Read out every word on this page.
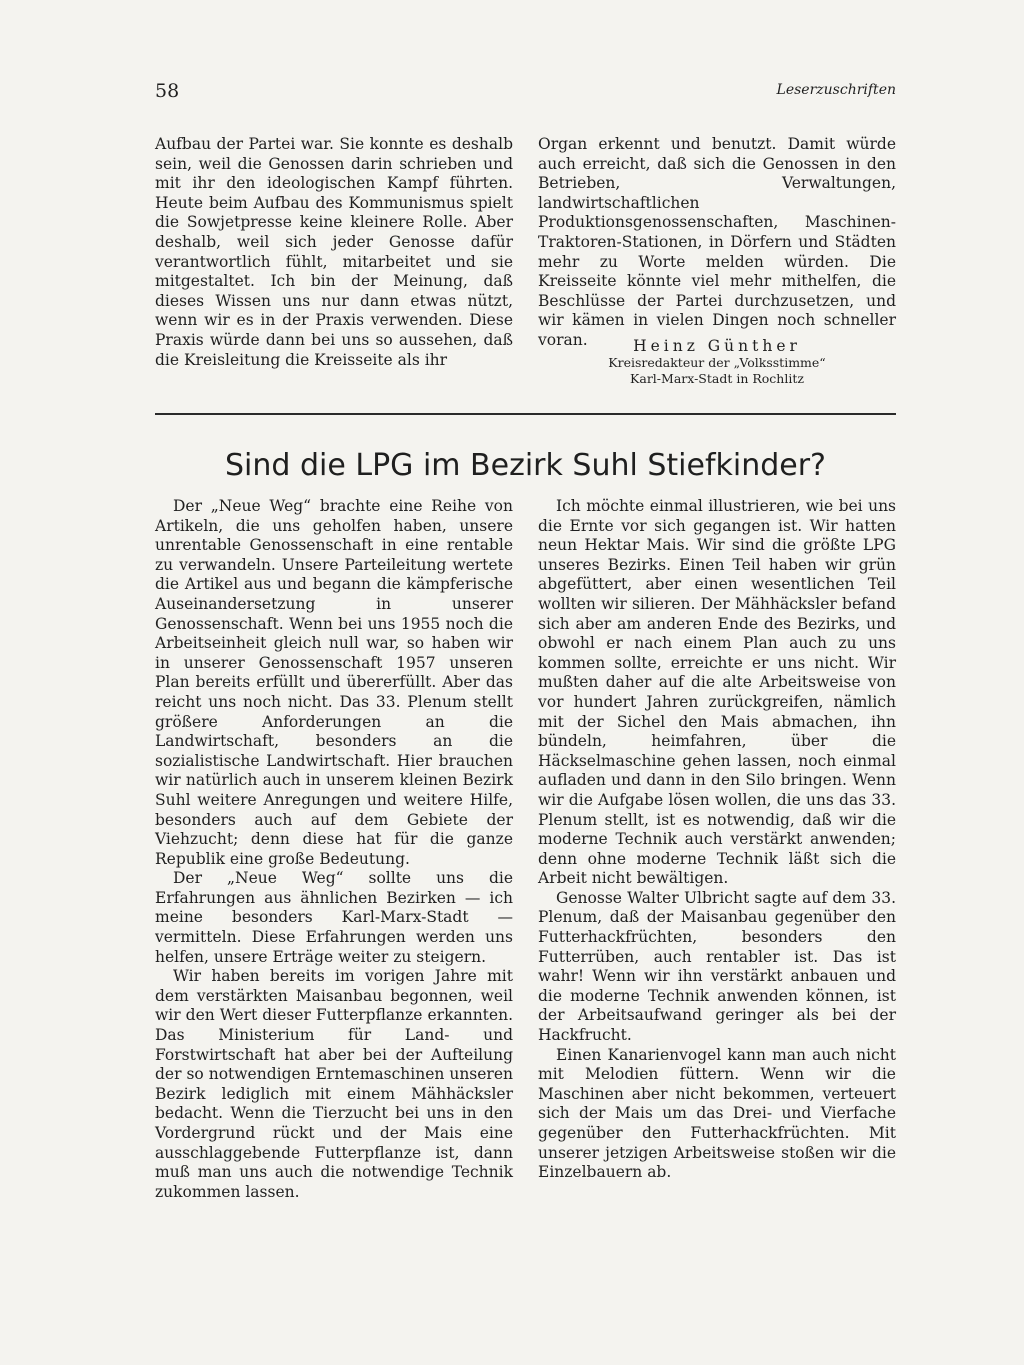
58	Leserzuschriften

Aufbau der Partei war. Sie konnte es deshalb sein, weil die Genossen darin schrieben und mit ihr den ideologischen Kampf führten. Heute beim Aufbau des Kommunismus spielt die Sowjetpresse keine kleinere Rolle. Aber deshalb, weil sich jeder Genosse dafür verantwortlich fühlt, mitarbeitet und sie mitgestaltet. Ich bin der Meinung, daß dieses Wissen uns nur dann etwas nützt, wenn wir es in der Praxis verwenden. Diese Praxis würde dann bei uns so aussehen, daß die Kreisleitung die Kreisseite als ihr

Organ erkennt und benutzt. Damit würde auch erreicht, daß sich die Genossen in den Betrieben, Verwaltungen, landwirtschaftlichen Produktionsgenossenschaften, Maschinen-Traktoren-Stationen, in Dörfern und Städten mehr zu Worte melden würden. Die Kreisseite könnte viel mehr mithelfen, die Beschlüsse der Partei durchzusetzen, und wir kämen in vielen Dingen noch schneller voran.	Heinz Günther
Kreisredakteur der „Volksstimme“
Karl-Marx-Stadt in Rochlitz
Sind die LPG im Bezirk Suhl Stiefkinder?

Der „Neue Weg“ brachte eine Reihe von Artikeln, die uns geholfen haben, unsere unrentable Genossenschaft in eine rentable zu verwandeln. Unsere Parteileitung wertete die Artikel aus und begann die kämpferische Auseinandersetzung in unserer Genossenschaft. Wenn bei uns 1955 noch die Arbeitseinheit gleich null war, so haben wir in unserer Genossenschaft 1957 unseren Plan bereits erfüllt und übererfüllt. Aber das reicht uns noch nicht. Das 33. Plenum stellt größere Anforderungen an die Landwirtschaft, besonders an die sozialistische Landwirtschaft. Hier brauchen wir natürlich auch in unserem kleinen Bezirk Suhl weitere Anregungen und weitere Hilfe, besonders auch auf dem Gebiete der Viehzucht; denn diese hat für die ganze Republik eine große Bedeutung.

Der „Neue Weg“ sollte uns die Erfahrungen aus ähnlichen Bezirken — ich meine besonders Karl-Marx-Stadt — vermitteln. Diese Erfahrungen werden uns helfen, unsere Erträge weiter zu steigern.

Wir haben bereits im vorigen Jahre mit dem verstärkten Maisanbau begonnen, weil wir den Wert dieser Futterpflanze erkannten. Das Ministerium für Land- und Forstwirtschaft hat aber bei der Aufteilung der so notwendigen Erntemaschinen unseren Bezirk lediglich mit einem Mähhäcksler bedacht. Wenn die Tierzucht bei uns in den Vordergrund rückt und der Mais eine ausschlaggebende Futterpflanze ist, dann muß man uns auch die notwendige Technik zukommen lassen.

Ich möchte einmal illustrieren, wie bei uns die Ernte vor sich gegangen ist. Wir hatten neun Hektar Mais. Wir sind die größte LPG unseres Bezirks. Einen Teil haben wir grün abgefüttert, aber einen wesentlichen Teil wollten wir silieren. Der Mähhäcksler befand sich aber am anderen Ende des Bezirks, und obwohl er nach einem Plan auch zu uns kommen sollte, erreichte er uns nicht. Wir mußten daher auf die alte Arbeitsweise von vor hundert Jahren zurückgreifen, nämlich mit der Sichel den Mais abmachen, ihn bündeln, heimfahren, über die Häckselmaschine gehen lassen, noch einmal aufladen und dann in den Silo bringen. Wenn wir die Aufgabe lösen wollen, die uns das 33. Plenum stellt, ist es notwendig, daß wir die moderne Technik auch verstärkt anwenden; denn ohne moderne Technik läßt sich die Arbeit nicht bewältigen.

Genosse Walter Ulbricht sagte auf dem 33. Plenum, daß der Maisanbau gegenüber den Futterhackfrüchten, besonders den Futterrüben, auch rentabler ist. Das ist wahr! Wenn wir ihn verstärkt anbauen und die moderne Technik anwenden können, ist der Arbeitsaufwand geringer als bei der Hackfrucht.

Einen Kanarienvogel kann man auch nicht mit Melodien füttern. Wenn wir die Maschinen aber nicht bekommen, verteuert sich der Mais um das Drei- und Vierfache gegenüber den Futterhackfrüchten. Mit unserer jetzigen Arbeitsweise stoßen wir die Einzelbauern ab.
